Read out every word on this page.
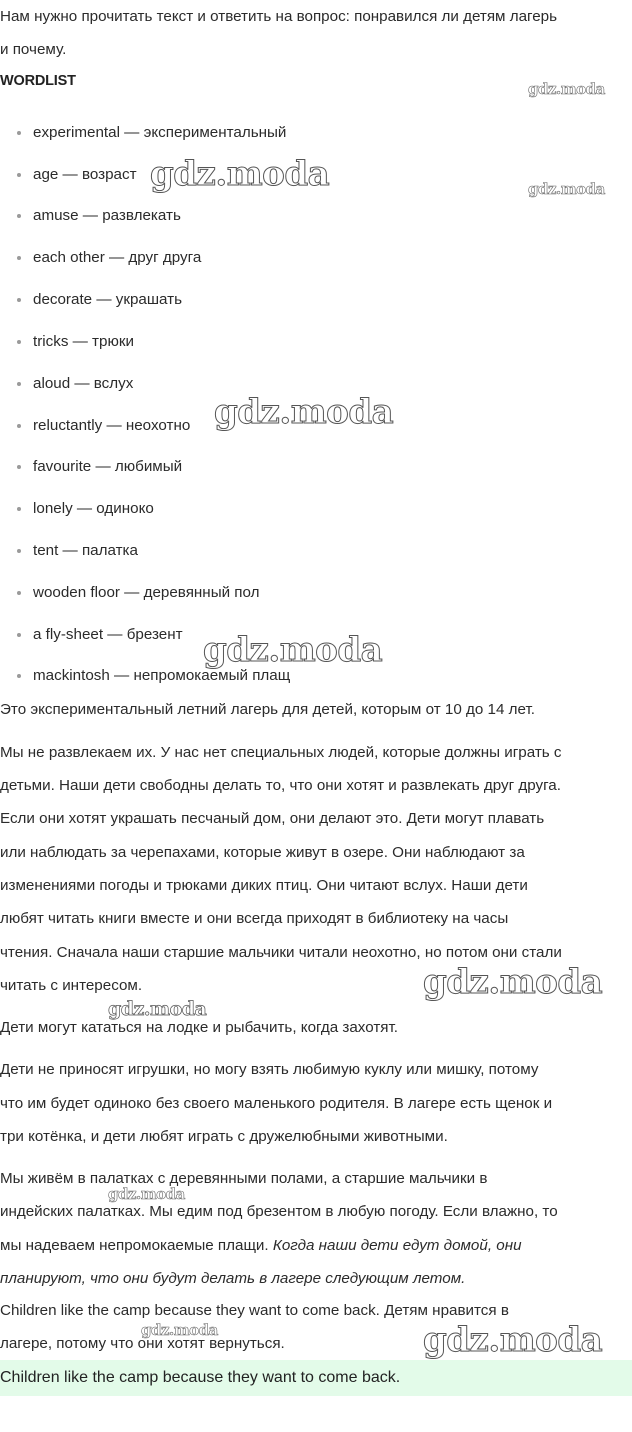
Нам нужно прочитать текст и ответить на вопрос: понравился ли детям лагерь
и почему.
WORDLIST
experimental — экспериментальный
age — возраст
amuse — развлекать
each other — друг друга
decorate — украшать
tricks — трюки
aloud — вслух
reluctantly — неохотно
favourite — любимый
lonely — одиноко
tent — палатка
wooden floor — деревянный пол
a fly-sheet — брезент
mackintosh — непромокаемый плащ
Это экспериментальный летний лагерь для детей, которым от 10 до 14 лет.
Мы не развлекаем их. У нас нет специальных людей, которые должны играть с
детьми. Наши дети свободны делать то, что они хотят и развлекать друг друга.
Если они хотят украшать песчаный дом, они делают это. Дети могут плавать
или наблюдать за черепахами, которые живут в озере. Они наблюдают за
изменениями погоды и трюками диких птиц. Они читают вслух. Наши дети
любят читать книги вместе и они всегда приходят в библиотеку на часы
чтения. Сначала наши старшие мальчики читали неохотно, но потом они стали
читать с интересом.
Дети могут кататься на лодке и рыбачить, когда захотят.
Дети не приносят игрушки, но могу взять любимую куклу или мишку, потому
что им будет одиноко без своего маленького родителя. В лагере есть щенок и
три котёнка, и дети любят играть с дружелюбными животными.
Мы живём в палатках с деревянными полами, а старшие мальчики в
индейских палатках. Мы едим под брезентом в любую погоду. Если влажно, то
мы надеваем непромокаемые плащи. Когда наши дети едут домой, они
планируют, что они будут делать в лагере следующим летом.
Children like the camp because they want to come back. Детям нравится в
лагере, потому что они хотят вернуться.
Children like the camp because they want to come back.
gdz.moda
gdz.moda	gdz.moda
gdz.moda
gdz.moda
gdz.moda
gdz.moda
gdz.moda
gdz.moda	gdz.moda
